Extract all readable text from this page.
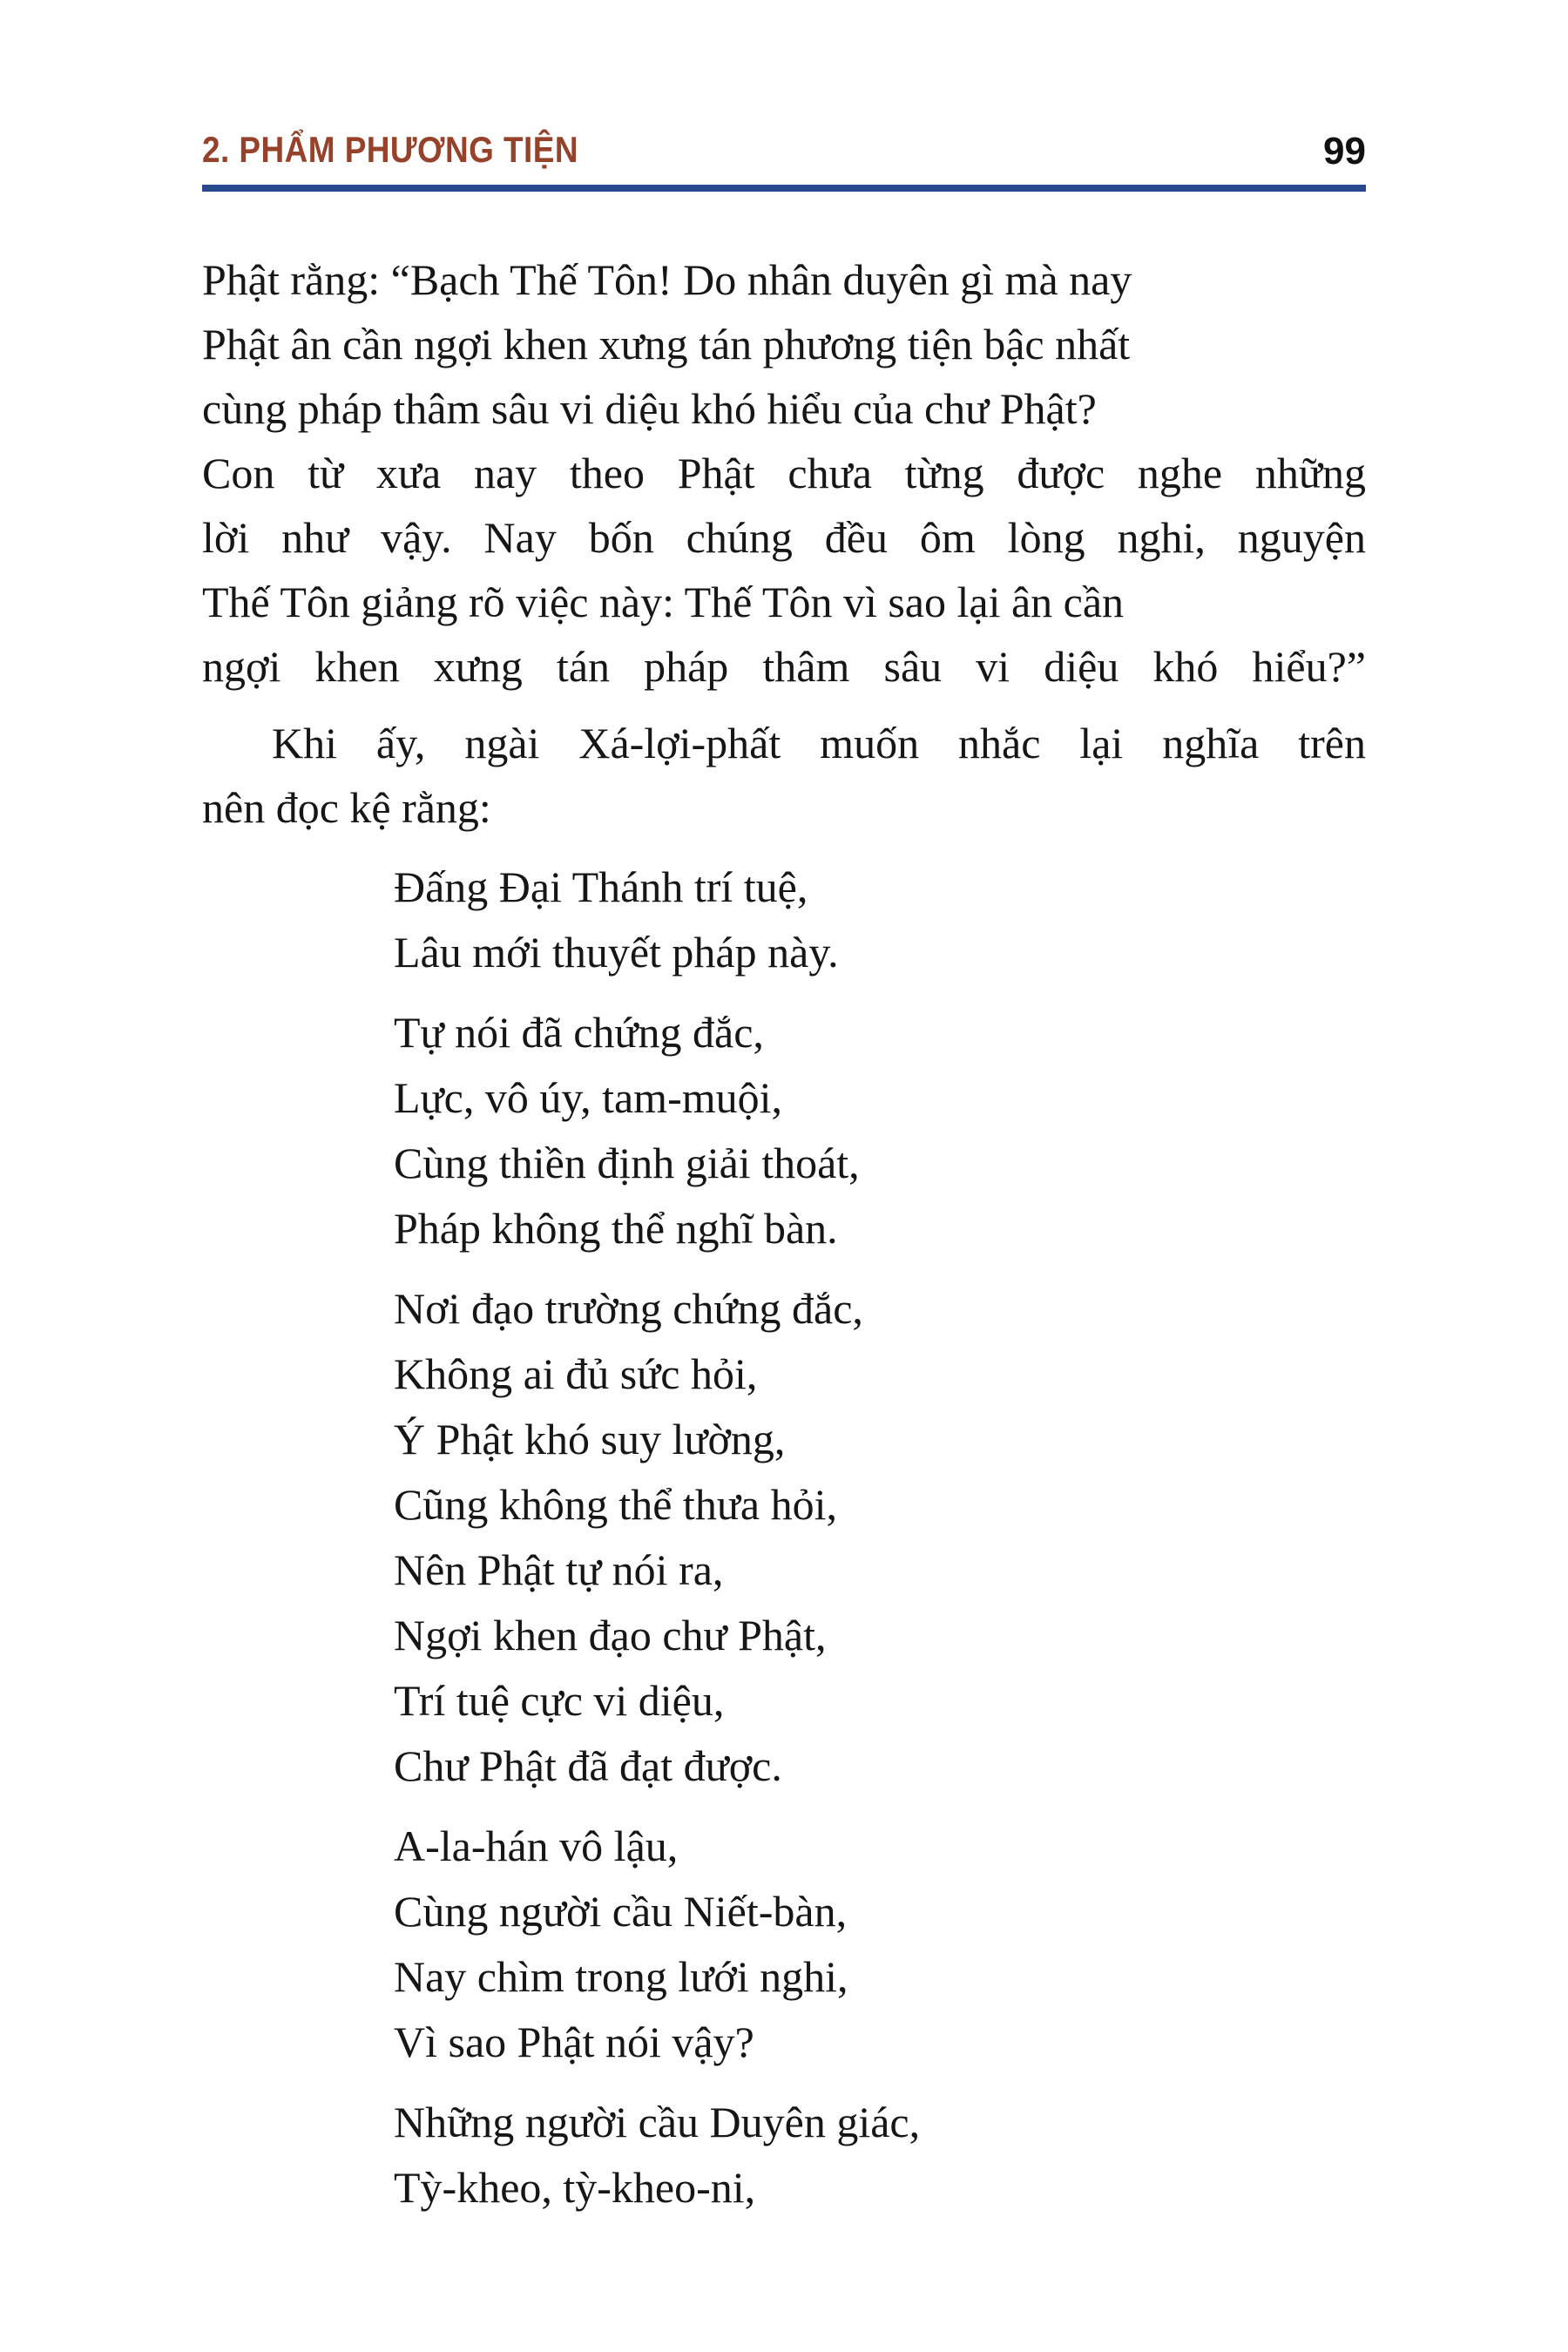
2. PHẨM PHƯƠNG TIỆN	99
Phật rằng: “Bạch Thế Tôn! Do nhân duyên gì mà nay
Phật ân cần ngợi khen xưng tán phương tiện bậc nhất
cùng pháp thâm sâu vi diệu khó hiểu của chư Phật?
Con từ xưa nay theo Phật chưa từng được nghe những
lời như vậy. Nay bốn chúng đều ôm lòng nghi, nguyện
Thế Tôn giảng rõ việc này: Thế Tôn vì sao lại ân cần
ngợi khen xưng tán pháp thâm sâu vi diệu khó hiểu?”
Khi ấy, ngài Xá-lợi-phất muốn nhắc lại nghĩa trên
nên đọc kệ rằng:
Đấng Đại Thánh trí tuệ,
Lâu mới thuyết pháp này.
Tự nói đã chứng đắc,
Lực, vô úy, tam-muội,
Cùng thiền định giải thoát,
Pháp không thể nghĩ bàn.
Nơi đạo trường chứng đắc,
Không ai đủ sức hỏi,
Ý Phật khó suy lường,
Cũng không thể thưa hỏi,
Nên Phật tự nói ra,
Ngợi khen đạo chư Phật,
Trí tuệ cực vi diệu,
Chư Phật đã đạt được.
A-la-hán vô lậu,
Cùng người cầu Niết-bàn,
Nay chìm trong lưới nghi,
Vì sao Phật nói vậy?
Những người cầu Duyên giác,
Tỳ-kheo, tỳ-kheo-ni,
